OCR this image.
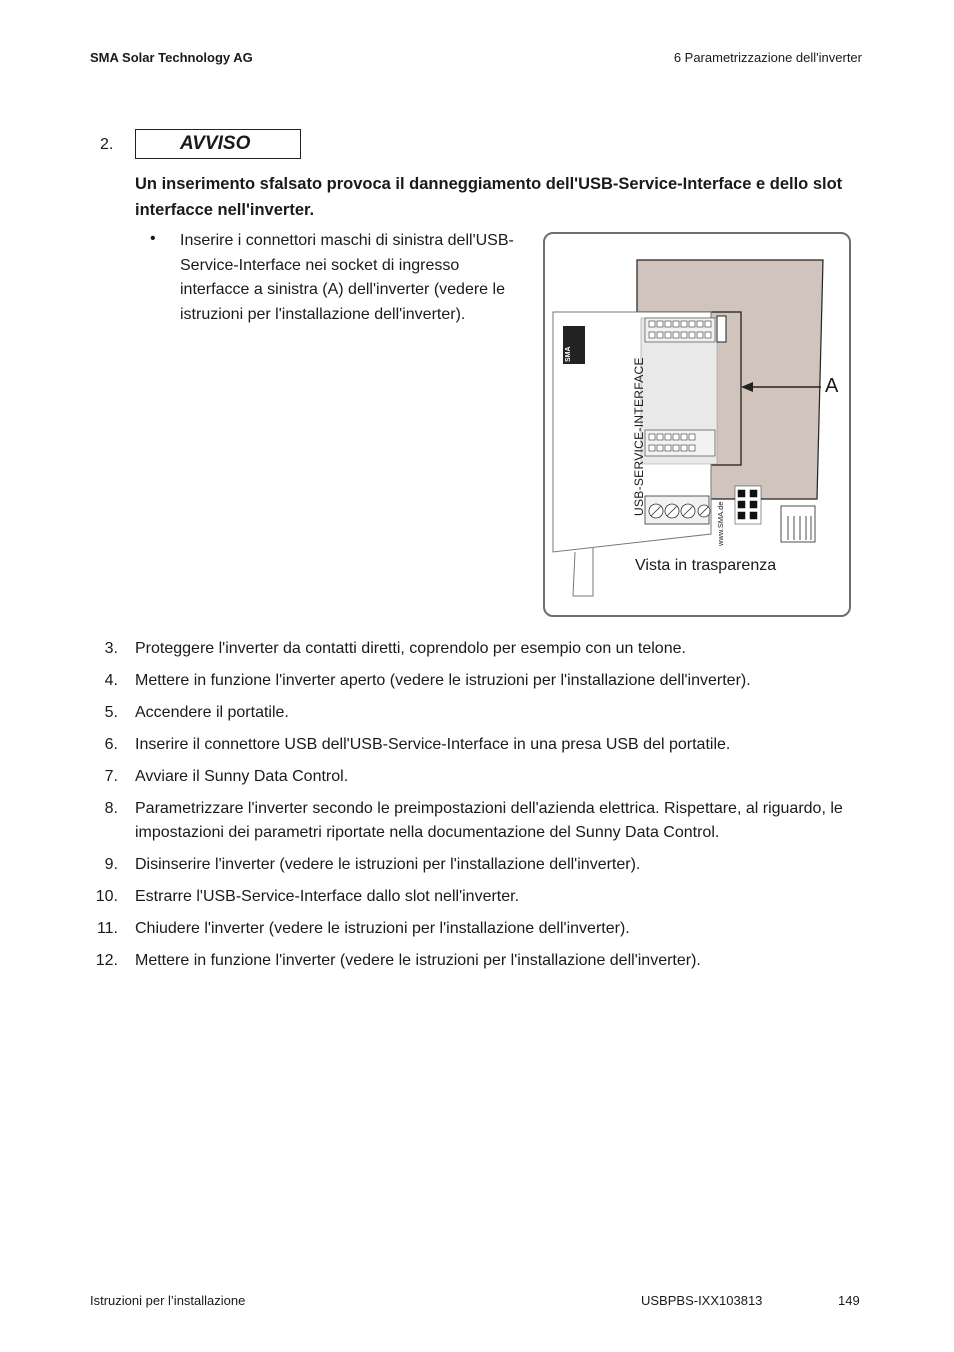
SMA Solar Technology AG	6 Parametrizzazione dell'inverter
2.	AVVISO
Un inserimento sfalsato provoca il danneggiamento dell'USB-Service-Interface e dello slot interfacce nell'inverter.
• Inserire i connettori maschi di sinistra dell'USB-Service-Interface nei socket di ingresso interfacce a sinistra (A) dell'inverter (vedere le istruzioni per l'installazione dell'inverter).
A
USB-SERVICE-INTERFACE
www.SMA.de
SMA
Vista in trasparenza
3. Proteggere l'inverter da contatti diretti, coprendolo per esempio con un telone.
4. Mettere in funzione l'inverter aperto (vedere le istruzioni per l'installazione dell'inverter).
5. Accendere il portatile.
6. Inserire il connettore USB dell'USB-Service-Interface in una presa USB del portatile.
7. Avviare il Sunny Data Control.
8. Parametrizzare l'inverter secondo le preimpostazioni dell'azienda elettrica. Rispettare, al riguardo, le impostazioni dei parametri riportate nella documentazione del Sunny Data Control.
9. Disinserire l'inverter (vedere le istruzioni per l'installazione dell'inverter).
10. Estrarre l'USB-Service-Interface dallo slot nell'inverter.
11. Chiudere l'inverter (vedere le istruzioni per l'installazione dell'inverter).
12. Mettere in funzione l'inverter (vedere le istruzioni per l'installazione dell'inverter).
Istruzioni per l’installazione	USBPBS-IXX103813	149
